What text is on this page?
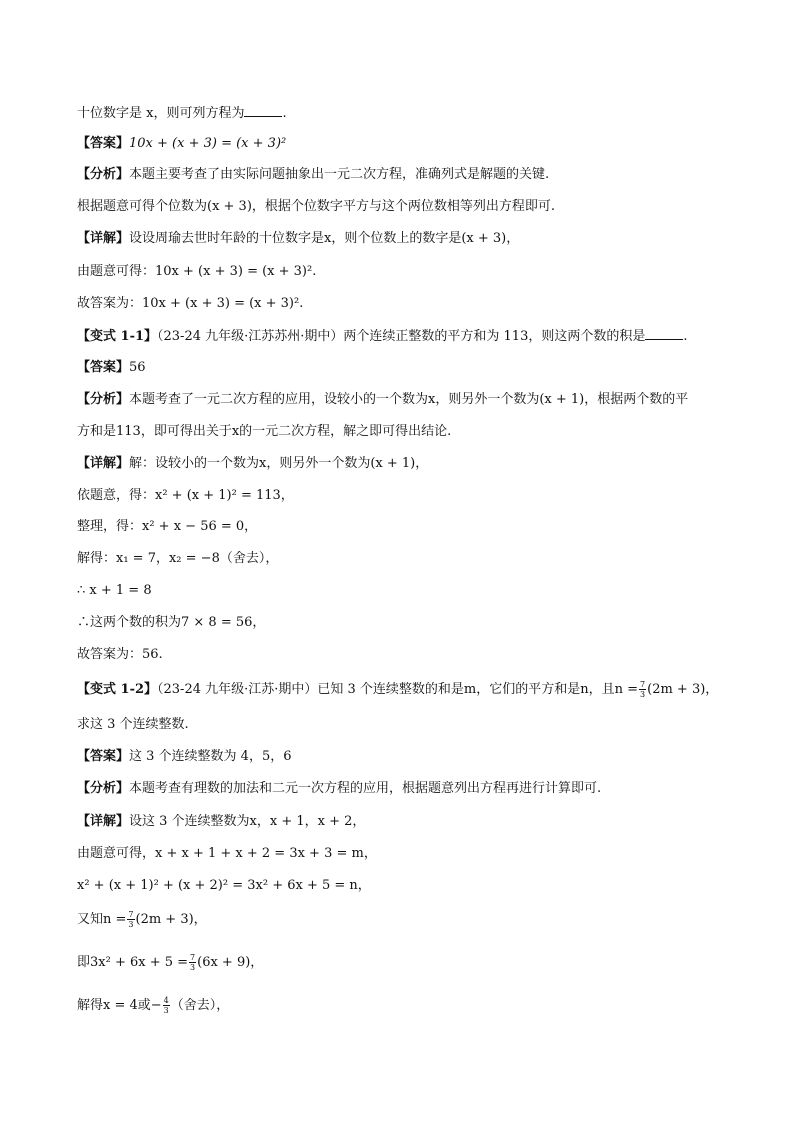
十位数字是 x，则可列方程为	.
【答案】10x + (x + 3) = (x + 3)²
【分析】本题主要考查了由实际问题抽象出一元二次方程，准确列式是解题的关键.
根据题意可得个位数为(x + 3)，根据个位数字平方与这个两位数相等列出方程即可.
【详解】设设周瑜去世时年龄的十位数字是x，则个位数上的数字是(x + 3)，
由题意可得：10x + (x + 3) = (x + 3)².
故答案为：10x + (x + 3) = (x + 3)².
【变式 1-1】（23-24 九年级·江苏苏州·期中）两个连续正整数的平方和为 113，则这两个数的积是	.
【答案】56
【分析】本题考查了一元二次方程的应用，设较小的一个数为x，则另外一个数为(x + 1)，根据两个数的平
方和是113，即可得出关于x的一元二次方程，解之即可得出结论.
【详解】解：设较小的一个数为x，则另外一个数为(x + 1)，
依题意，得：x² + (x + 1)² = 113，
整理，得：x² + x − 56 = 0，
解得：x₁ = 7，x₂ = −8（舍去），
∴ x + 1 = 8
∴这两个数的积为7 × 8 = 56，
故答案为：56.
【变式 1-2】（23-24 九年级·江苏·期中）已知 3 个连续整数的和是m，它们的平方和是n，且$n = \frac{7}{3} (2m + 3)$，
求这 3 个连续整数.
【答案】这 3 个连续整数为 4，5，6
【分析】本题考查有理数的加法和二元一次方程的应用，根据题意列出方程再进行计算即可.
【详解】设这 3 个连续整数为x，x + 1，x + 2，
由题意可得，x + x + 1 + x + 2 = 3x + 3 = m，
x² + (x + 1)² + (x + 2)² = 3x² + 6x + 5 = n，
又知$n = \frac{7}{3} (2m + 3)$，
即$3x^2 + 6x + 5 = \frac{7}{3} (6x + 9)$，
解得x = 4或− $\frac{4}{3}$ （舍去），
